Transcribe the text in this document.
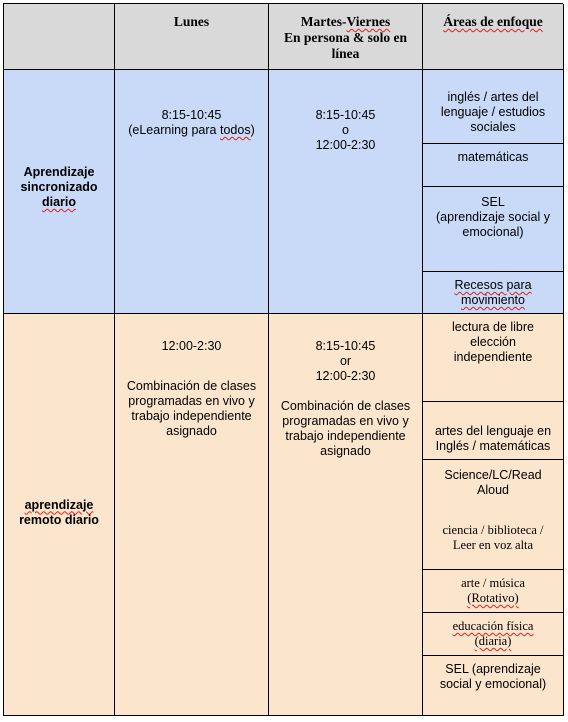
Lunes	Martes-Viernes
En persona & solo en
línea
Áreas de enfoque
Aprendizaje
sincronizado
diario
8:15-10:45
(eLearning para todos)
8:15-10:45
o
12:00-2:30
inglés / artes del
lenguaje / estudios
sociales
matemáticas
SEL
(aprendizaje social y
emocional)
Recesos para
movimiento
aprendizaje
remoto diario
12:00-2:30
Combinación de clases
programadas en vivo y
trabajo independiente
asignado
8:15-10:45
or
12:00-2:30
Combinación de clases
programadas en vivo y
trabajo independiente
asignado
lectura de libre
elección
independiente
artes del lenguaje en
Inglés / matemáticas
Science/LC/Read
Aloud
ciencia / biblioteca /
Leer en voz alta
arte / música
(Rotativo)
educación física
(diaria)
SEL (aprendizaje
social y emocional)
